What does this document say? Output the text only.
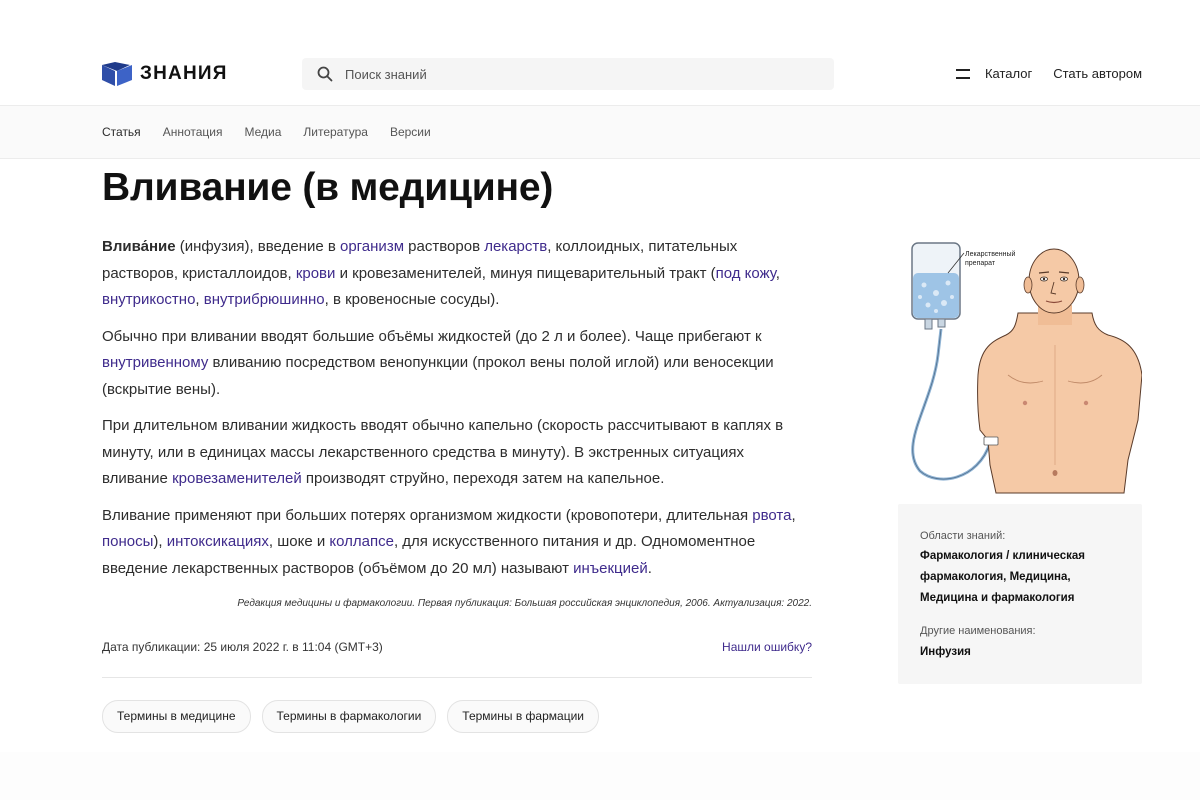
ЗНАНИЯ
Поиск знаний	Каталог Стать автором
Статья Аннотация Медиа Литература Версии
Вливание (в медицине)

Влива́ние (инфузия), введение в организм растворов лекарств, коллоидных, питательных растворов, кристаллоидов, крови и кровезаменителей, минуя пищеварительный тракт (под кожу, внутрикостно, внутрибрюшинно, в кровеносные сосуды).

Обычно при вливании вводят большие объёмы жидкостей (до 2 л и более). Чаще прибегают к внутривенному вливанию посредством венопункции (прокол вены полой иглой) или веносекции (вскрытие вены).

При длительном вливании жидкость вводят обычно капельно (скорость рассчитывают в каплях в минуту, или в единицах массы лекарственного средства в минуту). В экстренных ситуациях вливание кровезаменителей производят струйно, переходя затем на капельное.

Вливание применяют при больших потерях организмом жидкости (кровопотери, длительная рвота, поносы), интоксикациях, шоке и коллапсе, для искусственного питания и др. Одномоментное введение лекарственных растворов (объёмом до 20 мл) называют инъекцией.

Редакция медицины и фармакологии. Первая публикация: Большая российская энциклопедия, 2006. Актуализация: 2022.
Дата публикации: 25 июля 2022 г. в 11:04 (GMT+3)	Нашли ошибку?
Термины в медицине	Термины в фармакологии	Термины в фармации
Лекарственный
препарат
Области знаний:
Фармакология / клиническая
фармакология, Медицина,
Медицина и фармакология
Другие наименования:
Инфузия
